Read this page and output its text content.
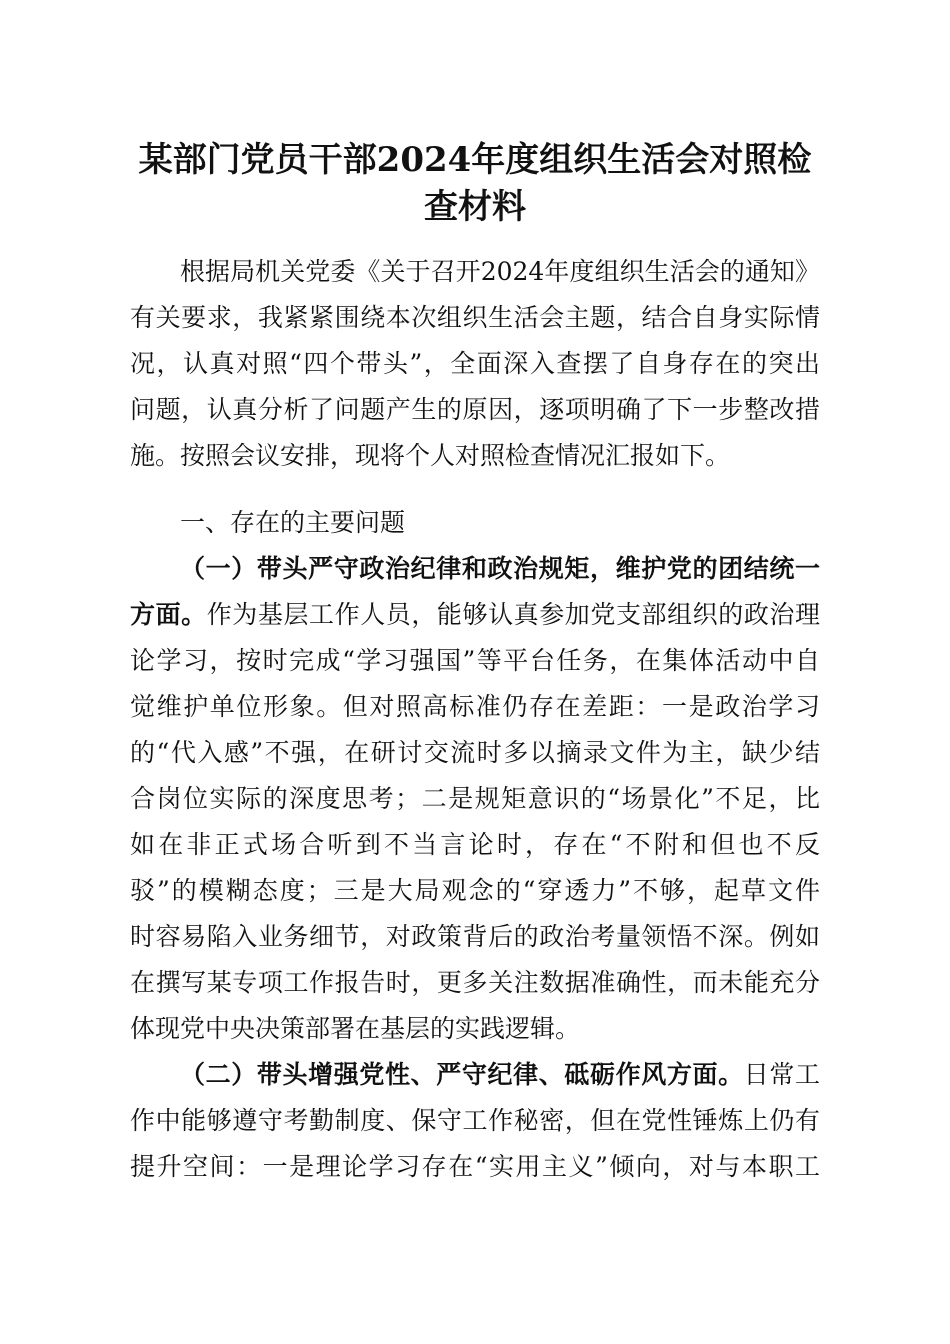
某部门党员干部2024年度组织生活会对照检
查材料
根据局机关党委《关于召开2024年度组织生活会的通知》
有关要求，我紧紧围绕本次组织生活会主题，结合自身实际情
况，认真对照“四个带头”，全面深入查摆了自身存在的突出
问题，认真分析了问题产生的原因，逐项明确了下一步整改措
施。按照会议安排，现将个人对照检查情况汇报如下。
一、存在的主要问题
（一）带头严守政治纪律和政治规矩，维护党的团结统一
方面。作为基层工作人员，能够认真参加党支部组织的政治理
论学习，按时完成“学习强国”等平台任务，在集体活动中自
觉维护单位形象。但对照高标准仍存在差距：一是政治学习
的“代入感”不强，在研讨交流时多以摘录文件为主，缺少结
合岗位实际的深度思考；二是规矩意识的“场景化”不足，比
如在非正式场合听到不当言论时，存在“不附和但也不反
驳”的模糊态度；三是大局观念的“穿透力”不够，起草文件
时容易陷入业务细节，对政策背后的政治考量领悟不深。例如
在撰写某专项工作报告时，更多关注数据准确性，而未能充分
体现党中央决策部署在基层的实践逻辑。
（二）带头增强党性、严守纪律、砥砺作风方面。日常工
作中能够遵守考勤制度、保守工作秘密，但在党性锤炼上仍有
提升空间：一是理论学习存在“实用主义”倾向，对与本职工
